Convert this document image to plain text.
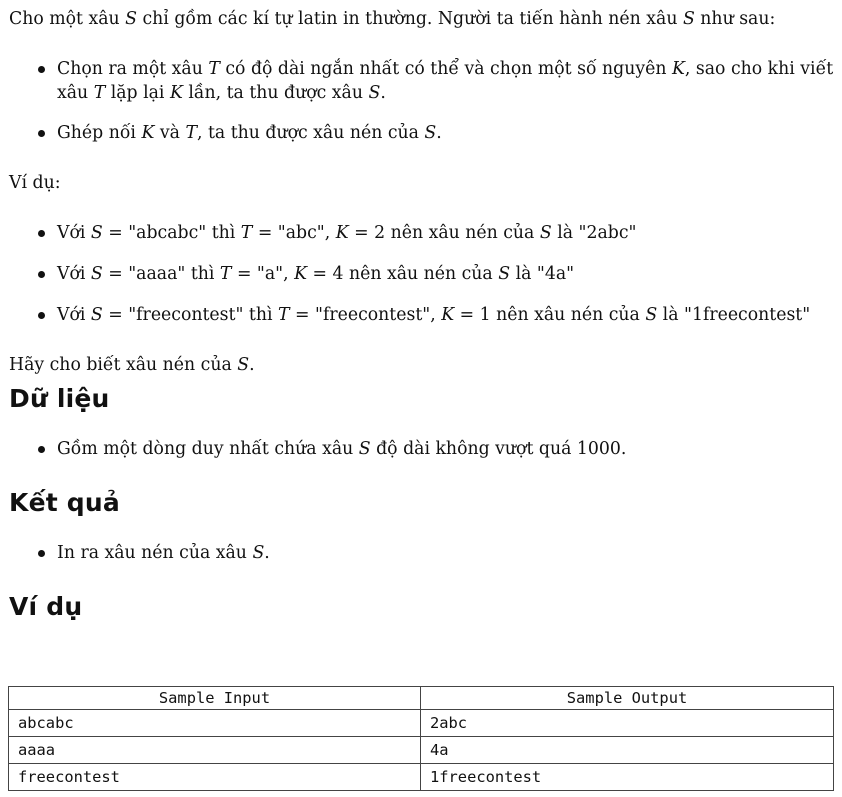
Cho một xâu S chỉ gồm các kí tự latin in thường. Người ta tiến hành nén xâu S như sau:

Chọn ra một xâu T có độ dài ngắn nhất có thể và chọn một số nguyên K, sao cho khi viết xâu T lặp lại K lần, ta thu được xâu S.
Ghép nối K và T, ta thu được xâu nén của S.

Ví dụ:

Với S = "abcabc" thì T = "abc", K = 2 nên xâu nén của S là "2abc"
Với S = "aaaa" thì T = "a", K = 4 nên xâu nén của S là "4a"
Với S = "freecontest" thì T = "freecontest", K = 1 nên xâu nén của S là "1freecontest"

Hãy cho biết xâu nén của S.

Dữ liệu
Gồm một dòng duy nhất chứa xâu S độ dài không vượt quá 1000.
Kết quả
In ra xâu nén của xâu S.
Ví dụ
Sample Input	Sample Output
abcabc	2abc
aaaa	4a
freecontest	1freecontest
